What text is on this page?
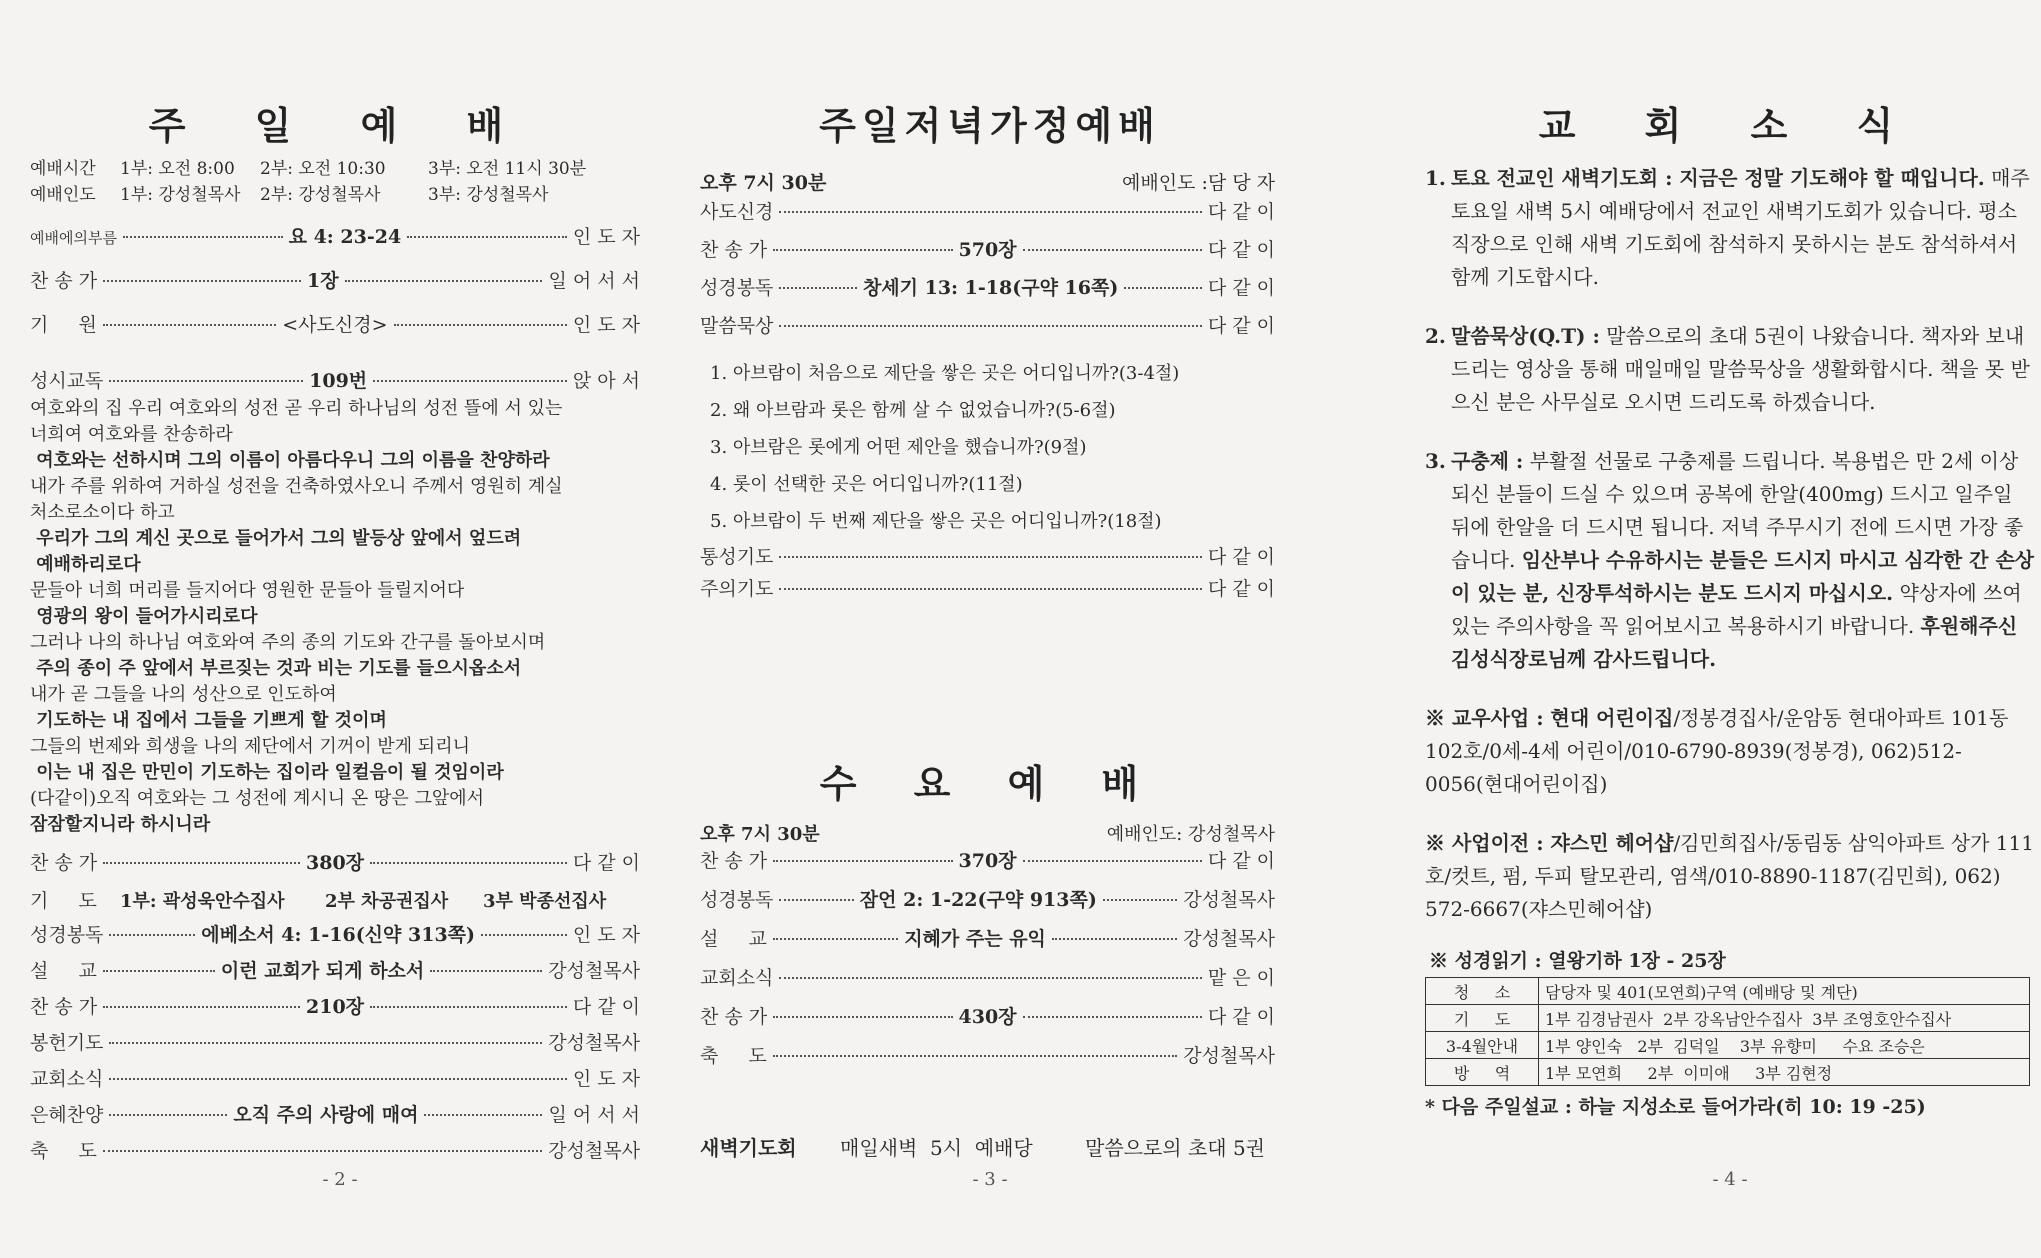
주 일 예 배
예배시간	1부: 오전 8:00	2부: 오전 10:30	3부: 오전 11시 30분
예배인도	1부: 강성철목사	2부: 강성철목사	3부: 강성철목사
예배에의부름	요 4: 23-24	인 도 자
찬 송 가	1장	일 어 서 서
기     원	<사도신경>	인 도 자
성시교독	109번	앉 아 서
여호와의 집 우리 여호와의 성전 곧 우리 하나님의 성전 뜰에 서 있는
너희여 여호와를 찬송하라
여호와는 선하시며 그의 이름이 아름다우니 그의 이름을 찬양하라
내가 주를 위하여 거하실 성전을 건축하였사오니 주께서 영원히 계실
처소로소이다 하고
우리가 그의 계신 곳으로 들어가서 그의 발등상 앞에서 엎드려
예배하리로다
문들아 너희 머리를 들지어다 영원한 문들아 들릴지어다
영광의 왕이 들어가시리로다
그러나 나의 하나님 여호와여 주의 종의 기도와 간구를 돌아보시며
주의 종이 주 앞에서 부르짖는 것과 비는 기도를 들으시옵소서
내가 곧 그들을 나의 성산으로 인도하여
기도하는 내 집에서 그들을 기쁘게 할 것이며
그들의 번제와 희생을 나의 제단에서 기꺼이 받게 되리니
이는 내 집은 만민이 기도하는 집이라 일컬음이 될 것임이라
(다같이)오직 여호와는 그 성전에 계시니 온 땅은 그앞에서
잠잠할지니라 하시니라
찬 송 가	380장	다 같 이
기     도	1부: 곽성욱안수집사	2부 차공권집사	3부 박종선집사
성경봉독	에베소서 4: 1-16(신약 313쪽)	인 도 자
설     교	이런 교회가 되게 하소서	강성철목사
찬 송 가	210장	다 같 이
봉헌기도	강성철목사
교회소식	인 도 자
은혜찬양	오직 주의 사랑에 매여	일 어 서 서
축     도	강성철목사
- 2 -
주일저녁가정예배
오후 7시 30분	예배인도 :담 당 자
사도신경	다 같 이
찬 송 가	570장	다 같 이
성경봉독	창세기 13: 1-18(구약 16쪽)	다 같 이
말씀묵상	다 같 이
1. 아브람이 처음으로 제단을 쌓은 곳은 어디입니까?(3-4절)
2. 왜 아브람과 롯은 함께 살 수 없었습니까?(5-6절)
3. 아브람은 롯에게 어떤 제안을 했습니까?(9절)
4. 롯이 선택한 곳은 어디입니까?(11절)
5. 아브람이 두 번째 제단을 쌓은 곳은 어디입니까?(18절)
통성기도	다 같 이
주의기도	다 같 이
수 요 예 배
오후 7시 30분	예배인도: 강성철목사
찬 송 가	370장	다 같 이
성경봉독	잠언 2: 1-22(구약 913쪽)	강성철목사
설     교	지혜가 주는 유익	강성철목사
교회소식	맡 은 이
찬 송 가	430장	다 같 이
축     도	강성철목사
새벽기도회	매일새벽  5시  예배당	말씀으로의 초대 5권
- 3 -
교 회 소 식
1. 토요 전교인 새벽기도회 : 지금은 정말 기도해야 할 때입니다. 매주 토요일 새벽 5시 예배당에서 전교인 새벽기도회가 있습니다. 평소 직장으로 인해 새벽 기도회에 참석하지 못하시는 분도 참석하셔서 함께 기도합시다.
2. 말씀묵상(Q.T) : 말씀으로의 초대 5권이 나왔습니다. 책자와 보내드리는 영상을 통해 매일매일 말씀묵상을 생활화합시다. 책을 못 받으신 분은 사무실로 오시면 드리도록 하겠습니다.
3. 구충제 : 부활절 선물로 구충제를 드립니다. 복용법은 만 2세 이상 되신 분들이 드실 수 있으며 공복에 한알(400mg) 드시고 일주일 뒤에 한알을 더 드시면 됩니다. 저녁 주무시기 전에 드시면 가장 좋습니다. 임산부나 수유하시는 분들은 드시지 마시고 심각한 간 손상이 있는 분, 신장투석하시는 분도 드시지 마십시오. 약상자에 쓰여 있는 주의사항을 꼭 읽어보시고 복용하시기 바랍니다. 후원해주신 김성식장로님께 감사드립니다.
※ 교우사업 : 현대 어린이집/정봉경집사/운암동 현대아파트 101동 102호/0세-4세 어린이/010-6790-8939(정봉경), 062)512-0056(현대어린이집)
※ 사업이전 : 쟈스민 헤어샵/김민희집사/동림동 삼익아파트 상가 111호/컷트, 펌, 두피 탈모관리, 염색/010-8890-1187(김민희), 062) 572-6667(쟈스민헤어샵)
※ 성경읽기 : 열왕기하 1장 - 25장
청     소	담당자 및 401(모연희)구역 (예배당 및 계단)
기     도	1부 김경남권사  2부 강옥남안수집사  3부 조영호안수집사
3-4월안내	1부 양인숙   2부  김덕일    3부 유향미     수요 조승은
방     역	1부 모연희     2부  이미애     3부 김현정
* 다음 주일설교 : 하늘 지성소로 들어가라(히 10: 19 -25)
- 4 -
